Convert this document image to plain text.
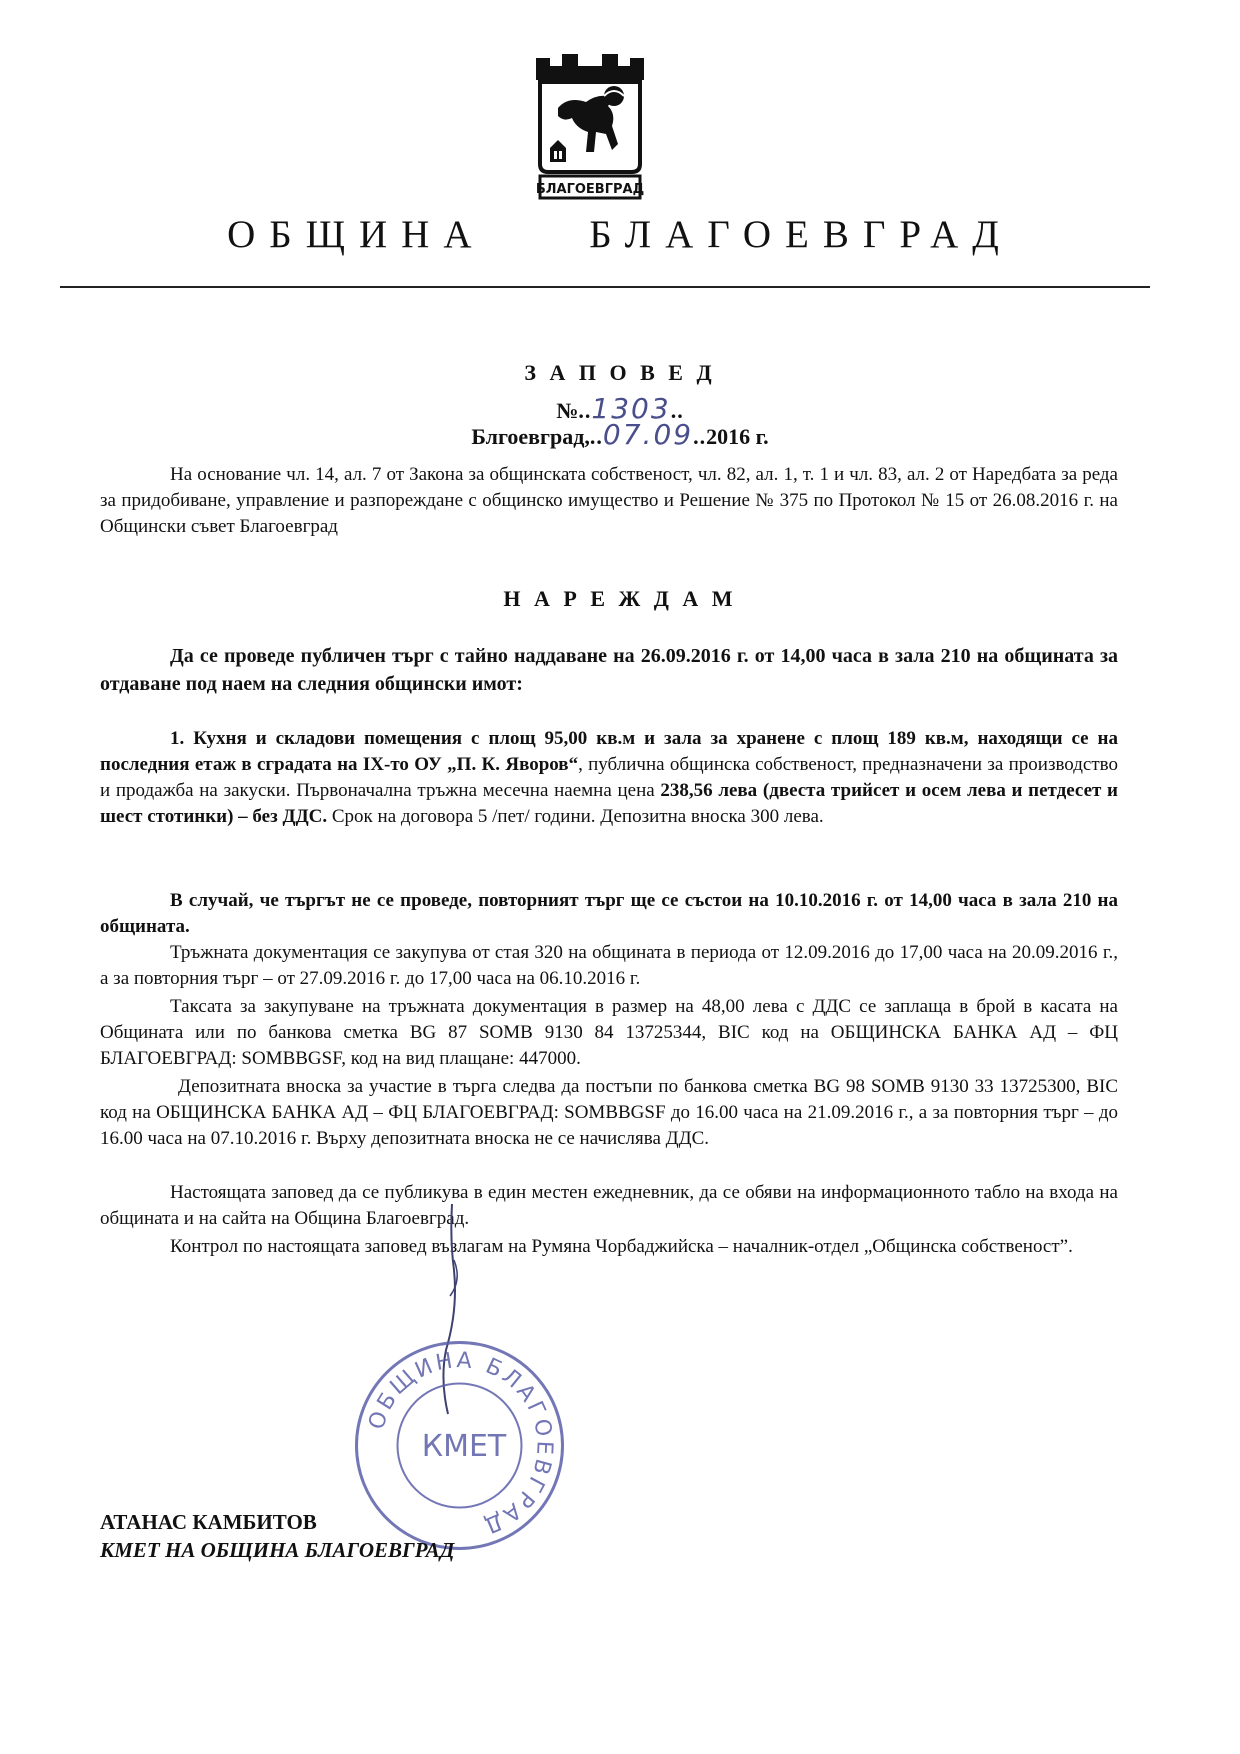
БЛАГОЕВГРАД
ОБЩИНА	БЛАГОЕВГРАД
З А П О В Е Д
№..1303..
Блгоевград,..07.09..2016 г.

На основание чл. 14, ал. 7 от Закона за общинската собственост, чл. 82, ал. 1, т. 1 и чл. 83, ал. 2 от Наредбата за реда за придобиване, управление и разпореждане с общинско имущество и Решение № 375 по Протокол № 15 от 26.08.2016 г. на Общински съвет Благоевград

Н А Р Е Ж Д А М

Да се проведе публичен търг с тайно наддаване на 26.09.2016 г. от 14,00 часа в зала 210 на общината за отдаване под наем на следния общински имот:

1. Кухня и складови помещения с площ 95,00 кв.м и зала за хранене с площ 189 кв.м, находящи се на последния етаж в сградата на IX-то ОУ „П. К. Яворов“, публична общинска собственост, предназначени за производство и продажба на закуски. Първоначална тръжна месечна наемна цена 238,56 лева (двеста трийсет и осем лева и петдесет и шест стотинки) – без ДДС. Срок на договора 5 /пет/ години. Депозитна вноска 300 лева.

В случай, че търгът не се проведе, повторният търг ще се състои на 10.10.2016 г. от 14,00 часа в зала 210 на общината.

Тръжната документация се закупува от стая 320 на общината в периода от 12.09.2016 до 17,00 часа на 20.09.2016 г., а за повторния търг – от 27.09.2016 г. до 17,00 часа на 06.10.2016 г.

Таксата за закупуване на тръжната документация в размер на 48,00 лева с ДДС се заплаща в брой в касата на Общината или по банкова сметка BG 87 SOMB 9130 84 13725344, BIC код на ОБЩИНСКА БАНКА АД – ФЦ БЛАГОЕВГРАД: SOMBBGSF, код на вид плащане: 447000.

Депозитната вноска за участие в търга следва да постъпи по банкова сметка BG 98 SOMB 9130 33 13725300, BIC код на ОБЩИНСКА БАНКА АД – ФЦ БЛАГОЕВГРАД: SOMBBGSF до 16.00 часа на 21.09.2016 г., а за повторния търг – до 16.00 часа на 07.10.2016 г. Върху депозитната вноска не се начислява ДДС.

Настоящата заповед да се публикува в един местен ежедневник, да се обяви на информационното табло на входа на общината и на сайта на Община Благоевград.

Контрол по настоящата заповед възлагам на Румяна Чорбаджийска – началник-отдел „Общинска собственост”.

ОБЩИНА БЛАГОЕВГРАД
КМЕТ
АТАНАС КАМБИТОВ
КМЕТ НА ОБЩИНА БЛАГОЕВГРАД
